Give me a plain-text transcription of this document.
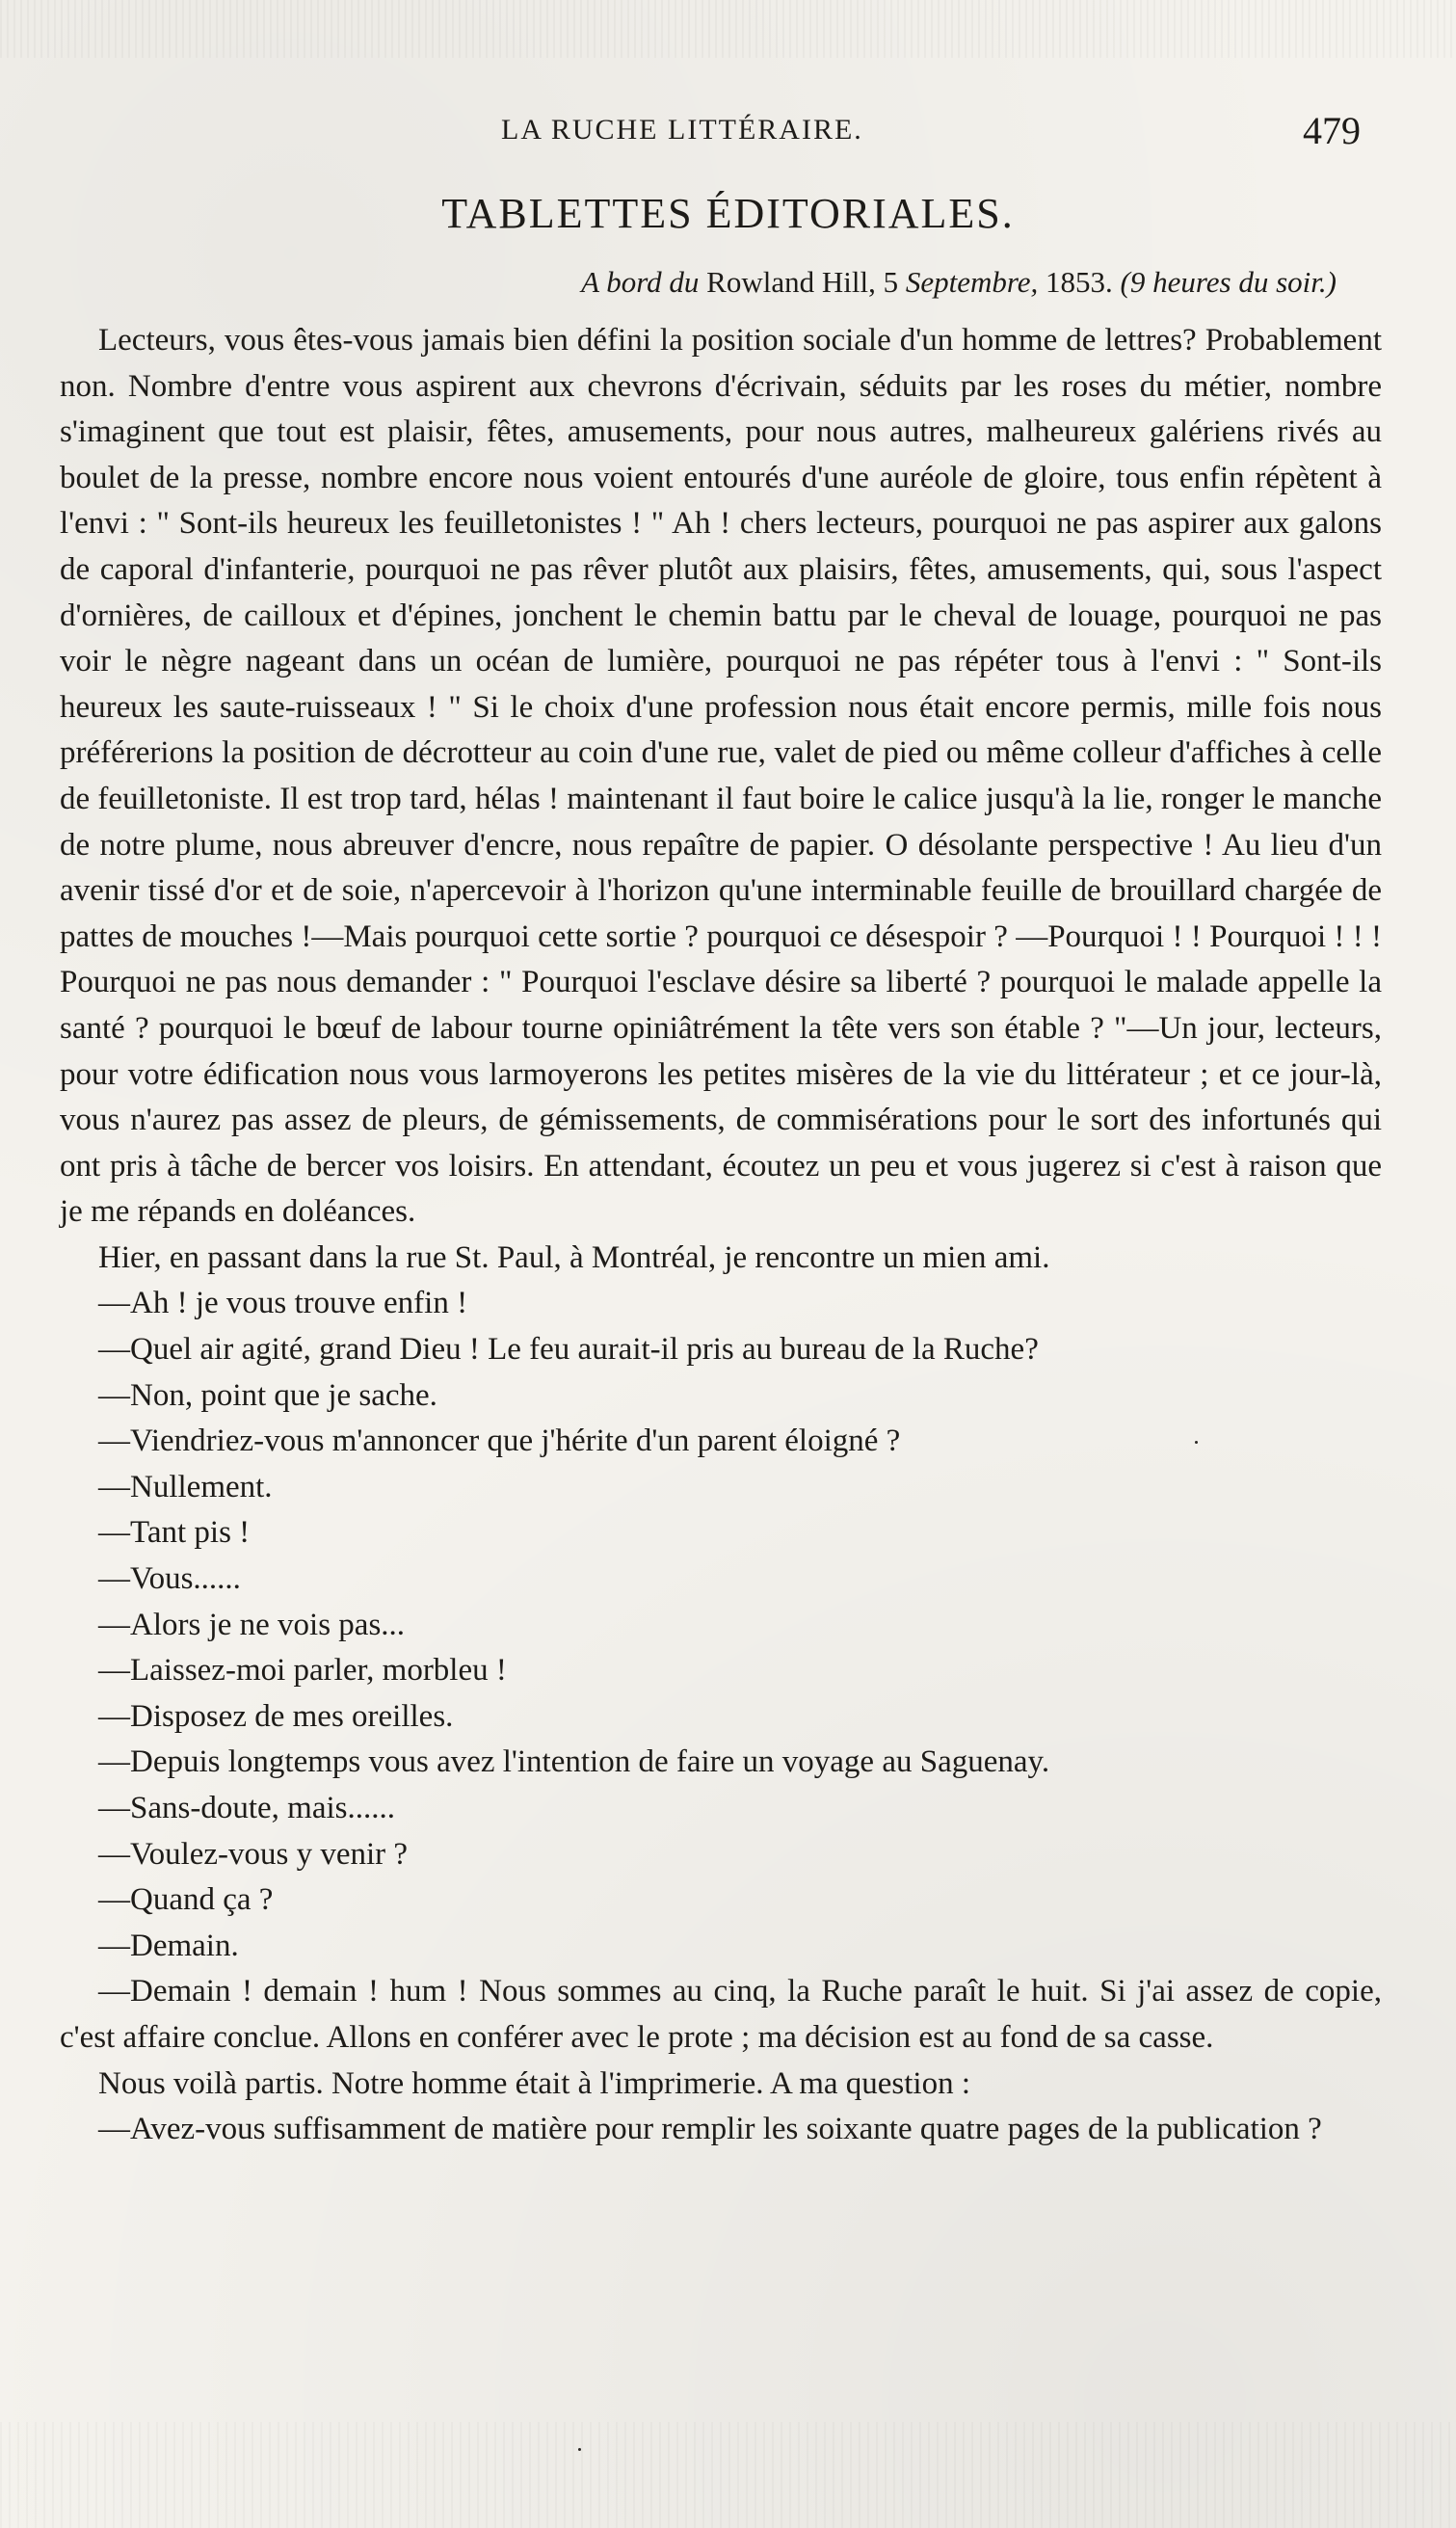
LA RUCHE LITTÉRAIRE.	479
TABLETTES ÉDITORIALES.
A bord du Rowland Hill, 5 Septembre, 1853. (9 heures du soir.)

Lecteurs, vous êtes-vous jamais bien défini la position sociale d'un homme de lettres? Probablement non. Nombre d'entre vous aspirent aux chevrons d'écrivain, séduits par les roses du métier, nombre s'imaginent que tout est plaisir, fêtes, amusements, pour nous autres, malheureux galériens rivés au boulet de la presse, nombre encore nous voient entourés d'une auréole de gloire, tous enfin répètent à l'envi : " Sont-ils heureux les feuilletonistes ! " Ah ! chers lecteurs, pourquoi ne pas aspirer aux galons de caporal d'infanterie, pourquoi ne pas rêver plutôt aux plaisirs, fêtes, amusements, qui, sous l'aspect d'ornières, de cailloux et d'épines, jonchent le chemin battu par le cheval de louage, pourquoi ne pas voir le nègre nageant dans un océan de lumière, pourquoi ne pas répéter tous à l'envi : " Sont-ils heureux les saute-ruisseaux ! " Si le choix d'une profession nous était encore permis, mille fois nous préférerions la position de décrotteur au coin d'une rue, valet de pied ou même colleur d'affiches à celle de feuilletoniste. Il est trop tard, hélas ! maintenant il faut boire le calice jusqu'à la lie, ronger le manche de notre plume, nous abreuver d'encre, nous repaître de papier. O désolante perspective ! Au lieu d'un avenir tissé d'or et de soie, n'apercevoir à l'horizon qu'une interminable feuille de brouillard chargée de pattes de mouches !—Mais pourquoi cette sortie ? pourquoi ce désespoir ? —Pourquoi ! ! Pourquoi ! ! ! Pourquoi ne pas nous demander : " Pourquoi l'esclave désire sa liberté ? pourquoi le malade appelle la santé ? pourquoi le bœuf de labour tourne opiniâtrément la tête vers son étable ? "—Un jour, lecteurs, pour votre édification nous vous larmoyerons les petites misères de la vie du littérateur ; et ce jour-là, vous n'aurez pas assez de pleurs, de gémissements, de commisérations pour le sort des infortunés qui ont pris à tâche de bercer vos loisirs. En attendant, écoutez un peu et vous jugerez si c'est à raison que je me répands en doléances.

Hier, en passant dans la rue St. Paul, à Montréal, je rencontre un mien ami.

—Ah ! je vous trouve enfin !

—Quel air agité, grand Dieu ! Le feu aurait-il pris au bureau de la Ruche?

—Non, point que je sache.

—Viendriez-vous m'annoncer que j'hérite d'un parent éloigné ?

—Nullement.

—Tant pis !

—Vous......

—Alors je ne vois pas...

—Laissez-moi parler, morbleu !

—Disposez de mes oreilles.

—Depuis longtemps vous avez l'intention de faire un voyage au Saguenay.

—Sans-doute, mais......

—Voulez-vous y venir ?

—Quand ça ?

—Demain.

—Demain ! demain ! hum ! Nous sommes au cinq, la Ruche paraît le huit. Si j'ai assez de copie, c'est affaire conclue. Allons en conférer avec le prote ; ma décision est au fond de sa casse.

Nous voilà partis. Notre homme était à l'imprimerie. A ma question :

—Avez-vous suffisamment de matière pour remplir les soixante quatre pages de la publication ?
